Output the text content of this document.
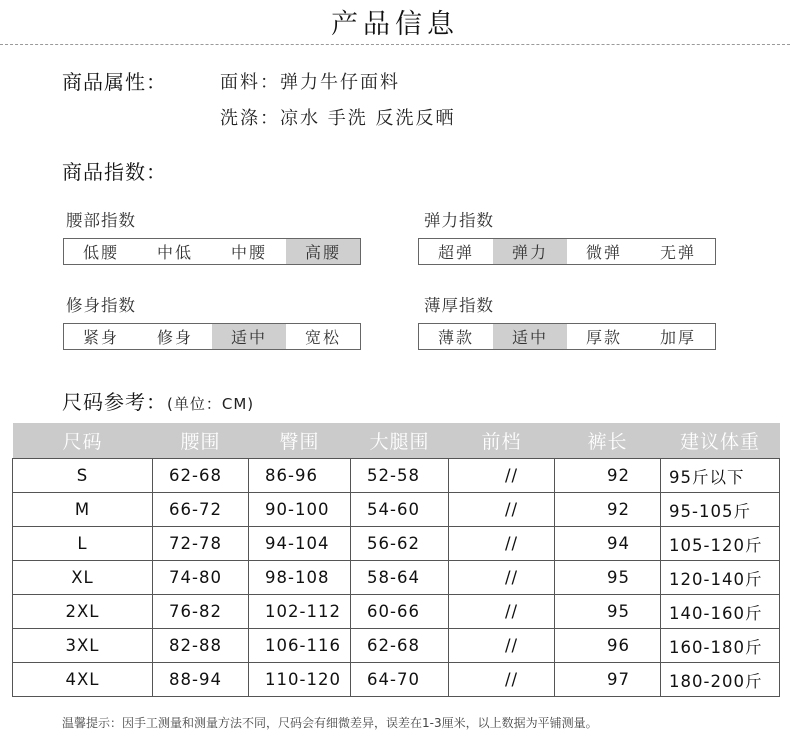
产品信息
商品属性：	面料：弹力牛仔面料
洗涤：凉水 手洗 反洗反晒
商品指数：
腰部指数
低腰	中低	中腰	高腰
弹力指数
超弹	弹力	微弹	无弹
修身指数
紧身	修身	适中	宽松
薄厚指数
薄款	适中	厚款	加厚
尺码参考：(单位：CM)
尺码	腰围	臀围	大腿围	前档	裤长	建议体重
S	62-68	86-96	52-58	//	92	95斤以下
M	66-72	90-100	54-60	//	92	95-105斤
L	72-78	94-104	56-62	//	94	105-120斤
XL	74-80	98-108	58-64	//	95	120-140斤
2XL	76-82	102-112	60-66	//	95	140-160斤
3XL	82-88	106-116	62-68	//	96	160-180斤
4XL	88-94	110-120	64-70	//	97	180-200斤
温馨提示：因手工测量和测量方法不同，尺码会有细微差异，误差在1-3厘米，以上数据为平铺测量。
